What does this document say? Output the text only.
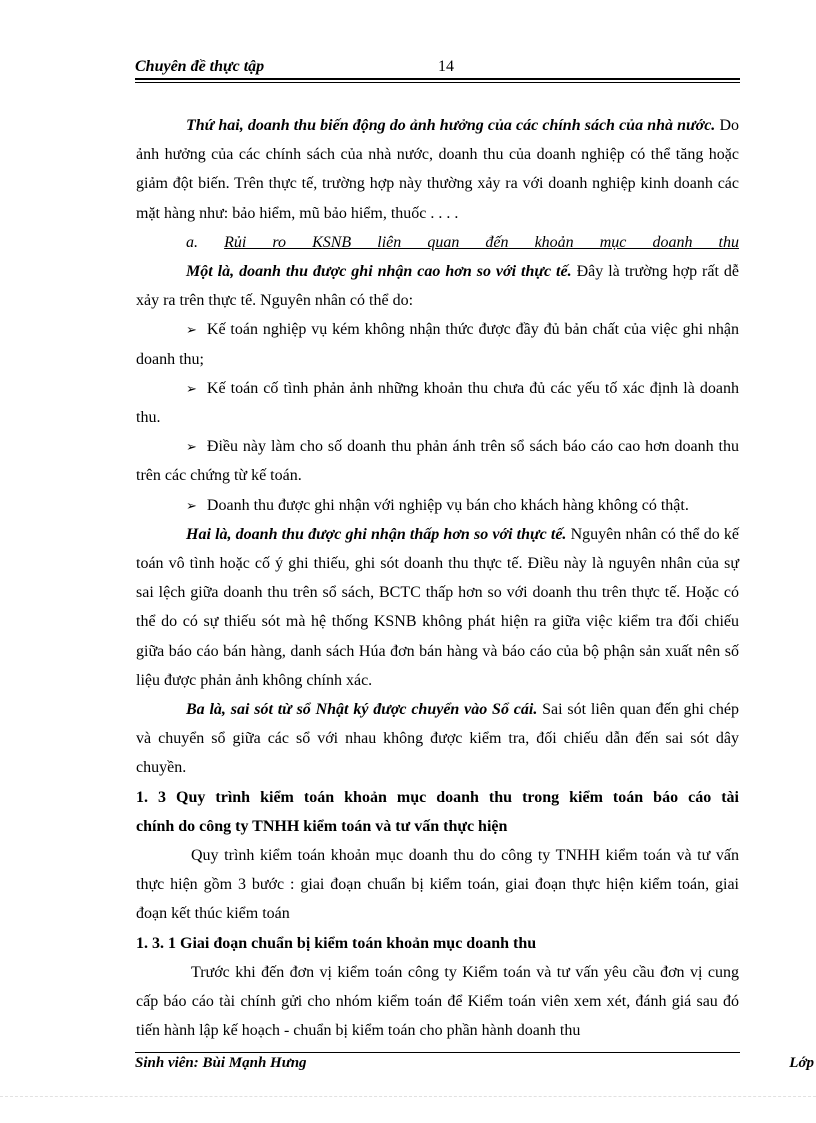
Chuyên đề thực tập	14

Thứ hai, doanh thu biến động do ảnh hưởng của các chính sách của nhà nước. Do ảnh hưởng của các chính sách của nhà nước, doanh thu của doanh nghiệp có thể tăng hoặc giảm đột biến. Trên thực tế, trường hợp này thường xảy ra với doanh nghiệp kinh doanh các mặt hàng như: bảo hiểm, mũ bảo hiểm, thuốc . . . .

a. Rủi ro KSNB liên quan đến khoản mục doanh thu

Một là, doanh thu được ghi nhận cao hơn so với thực tế. Đây là trường hợp rất dễ xảy ra trên thực tế. Nguyên nhân có thể do:

➢ Kế toán nghiệp vụ kém không nhận thức được đầy đủ bản chất của việc ghi nhận doanh thu;

➢ Kế toán cố tình phản ảnh những khoản thu chưa đủ các yếu tố xác định là doanh thu.

➢ Điều này làm cho số doanh thu phản ánh trên sổ sách báo cáo cao hơn doanh thu trên các chứng từ kế toán.

➢ Doanh thu được ghi nhận với nghiệp vụ bán cho khách hàng không có thật.

Hai là, doanh thu được ghi nhận thấp hơn so với thực tế. Nguyên nhân có thể do kế toán vô tình hoặc cố ý ghi thiếu, ghi sót doanh thu thực tế. Điều này là nguyên nhân của sự sai lệch giữa doanh thu trên sổ sách, BCTC thấp hơn so với doanh thu trên thực tế. Hoặc có thể do có sự thiếu sót mà hệ thống KSNB không phát hiện ra giữa việc kiểm tra đối chiếu giữa báo cáo bán hàng, danh sách Húa đơn bán hàng và báo cáo của bộ phận sản xuất nên số liệu được phản ảnh không chính xác.

Ba là, sai sót từ sổ Nhật ký được chuyển vào Sổ cái. Sai sót liên quan đến ghi chép và chuyển sổ giữa các sổ với nhau không được kiểm tra, đối chiếu dẫn đến sai sót dây chuyền.

1. 3 Quy trình kiểm toán khoản mục doanh thu trong kiểm toán báo cáo tài

chính do công ty TNHH kiểm toán và tư vấn thực hiện

Quy trình kiểm toán khoản mục doanh thu do công ty TNHH kiểm toán và tư vấn thực hiện gồm 3 bước : giai đoạn chuẩn bị kiểm toán, giai đoạn thực hiện kiểm toán, giai đoạn kết thúc kiểm toán

1. 3. 1 Giai đoạn chuẩn bị kiểm toán khoản mục doanh thu

Trước khi đến đơn vị kiểm toán công ty Kiểm toán và tư vấn yêu cầu đơn vị cung cấp báo cáo tài chính gửi cho nhóm kiểm toán để Kiểm toán viên xem xét, đánh giá sau đó tiến hành lập kế hoạch - chuẩn bị kiểm toán cho phần hành doanh thu

Sinh viên: Bùi Mạnh Hưng	Lớp
